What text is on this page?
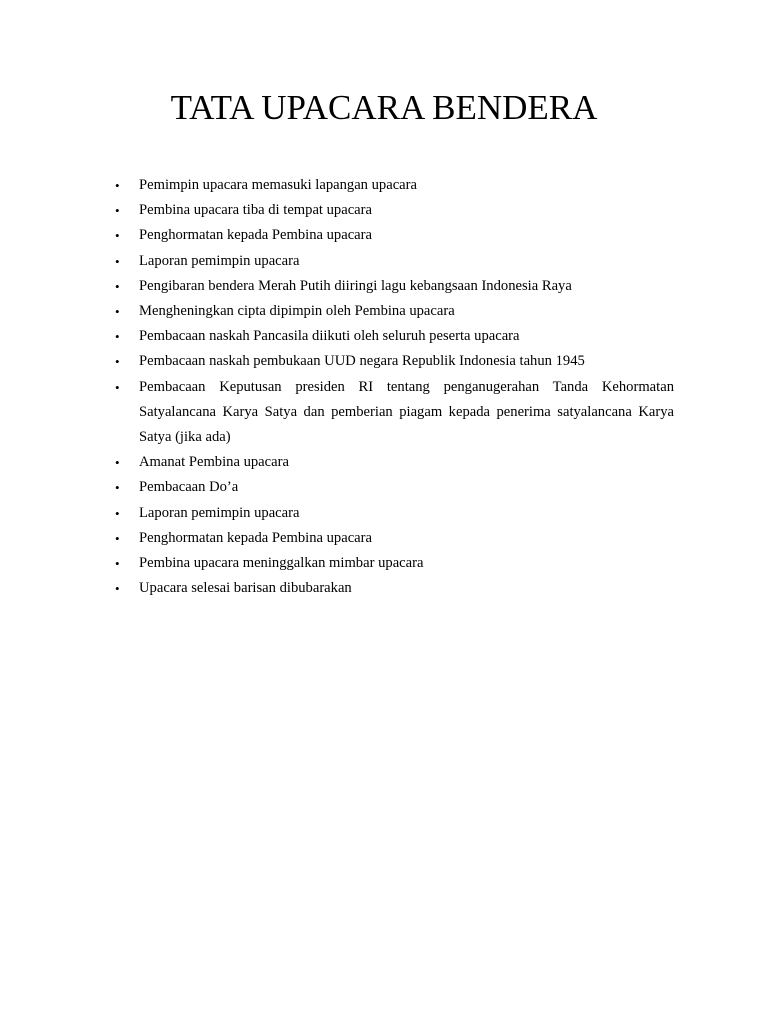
TATA UPACARA BENDERA
•	Pemimpin upacara memasuki lapangan upacara
•	Pembina upacara tiba di tempat upacara
•	Penghormatan kepada Pembina upacara
•	Laporan pemimpin upacara
•	Pengibaran bendera Merah Putih diiringi lagu kebangsaan Indonesia Raya
•	Mengheningkan cipta dipimpin oleh Pembina upacara
•	Pembacaan naskah Pancasila diikuti oleh seluruh peserta upacara
•	Pembacaan naskah pembukaan UUD negara Republik Indonesia tahun 1945
•	Pembacaan Keputusan presiden RI tentang penganugerahan Tanda Kehormatan Satyalancana Karya Satya dan pemberian piagam kepada penerima satyalancana Karya Satya (jika ada)
•	Amanat Pembina upacara
•	Pembacaan Do’a
•	Laporan pemimpin upacara
•	Penghormatan kepada Pembina upacara
•	Pembina upacara meninggalkan mimbar upacara
•	Upacara selesai barisan dibubarakan
